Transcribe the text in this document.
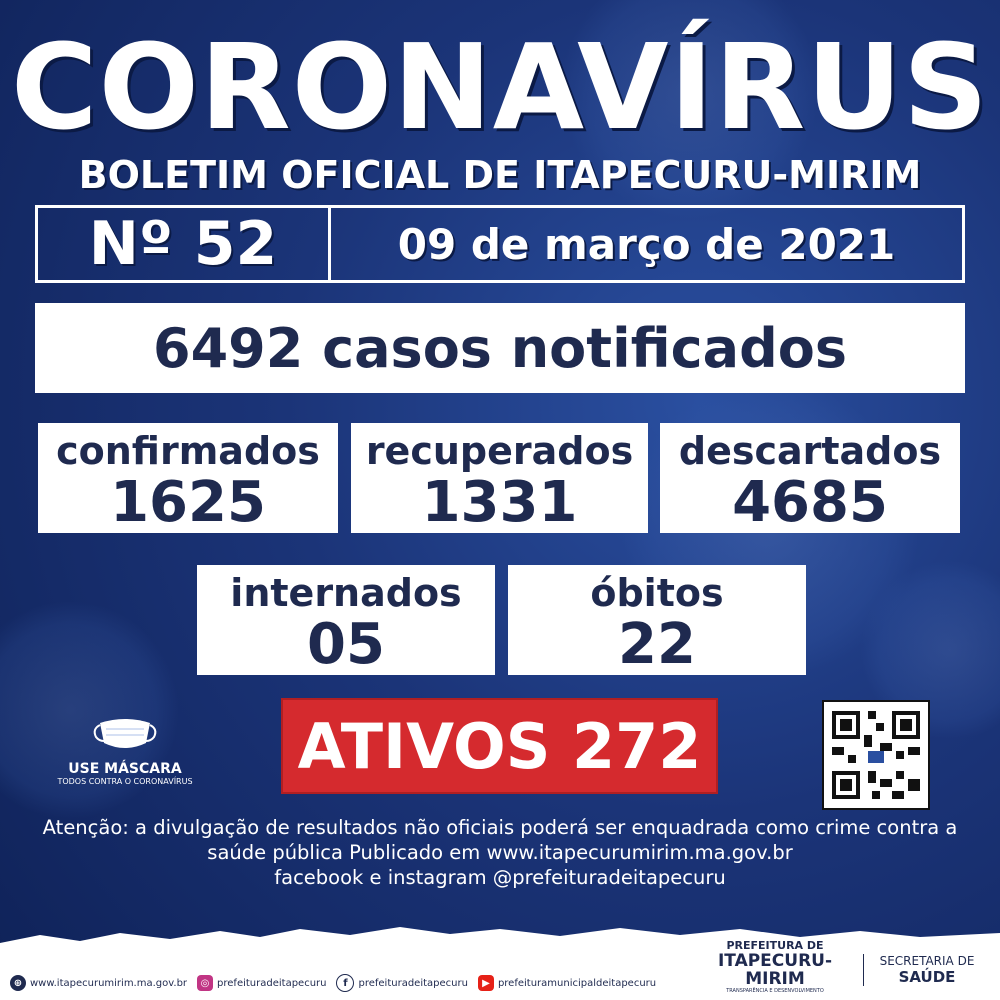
CORONAVÍRUS
BOLETIM OFICIAL DE ITAPECURU-MIRIM
Nº 52	09 de março de 2021
6492
casos notificados
confirmados
1625
recuperados
1331
descartados
4685
internados
05
óbitos
22
USE MÁSCARA
TODOS CONTRA O CORONAVÍRUS	ATIVOS 272
Atenção: a divulgação de resultados não oficiais poderá ser enquadrada como crime contra a
saúde pública Publicado em www.itapecurumirim.ma.gov.br
facebook e instagram @prefeituradeitapecuru
⊕ www.itapecurumirim.ma.gov.br	◎ prefeituradeitapecuru	f	prefeituradeitapecuru	▶ prefeituramunicipaldeitapecuru
PREFEITURA DE
ITAPECURU-MIRIM
TRANSPARÊNCIA E DESENVOLVIMENTO
SECRETARIA DE
SAÚDE
